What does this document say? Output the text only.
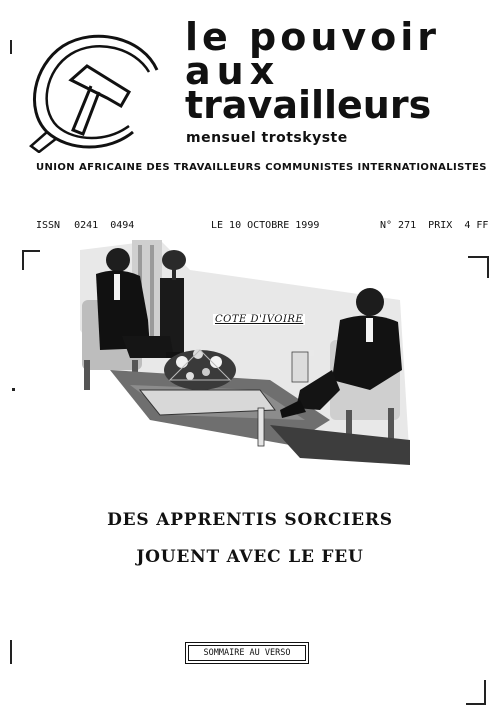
le pouvoir
aux
travailleurs
mensuel trotskyste
UNION AFRICAINE DES TRAVAILLEURS COMMUNISTES INTERNATIONALISTES
ISSN 0241 0494	LE 10 OCTOBRE 1999	N° 271 PRIX 4 FF
COTE D'IVOIRE
DES APPRENTIS SORCIERS
JOUENT AVEC LE FEU
SOMMAIRE AU VERSO
